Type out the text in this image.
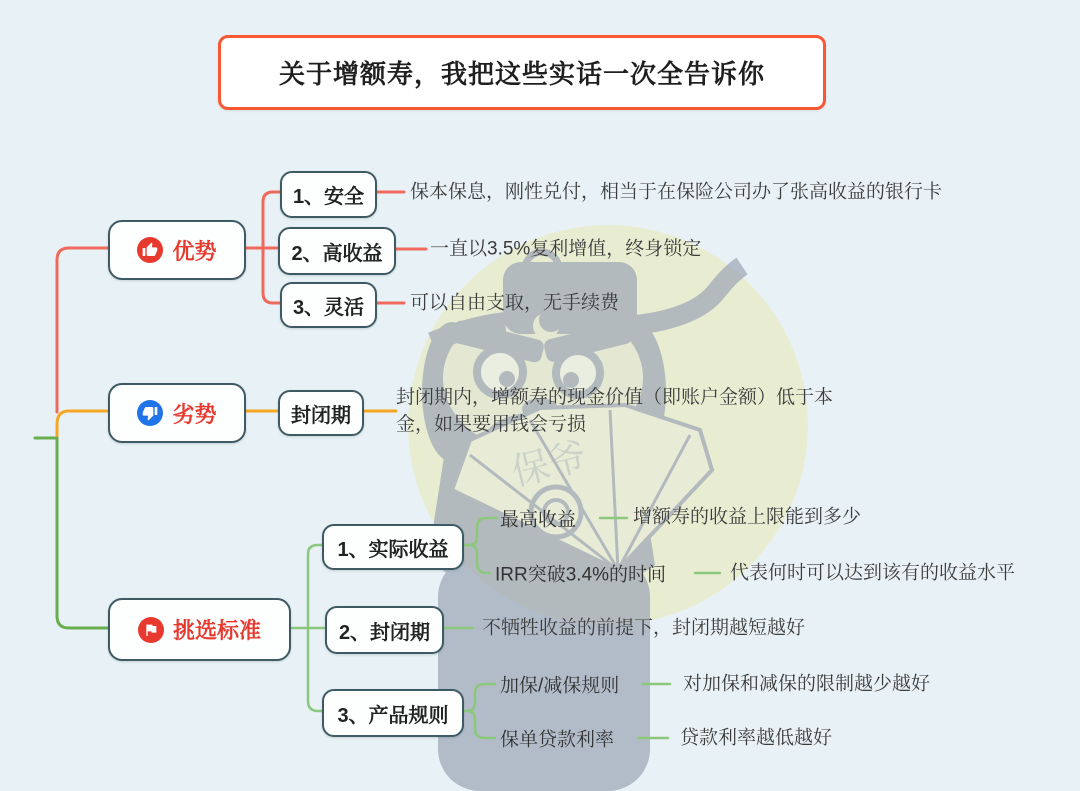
保爷
关于增额寿，我把这些实话一次全告诉你
优势
1、安全
2、高收益
3、灵活
保本保息，刚性兑付，相当于在保险公司办了张高收益的银行卡
一直以3.5%复利增值，终身锁定
可以自由支取，无手续费
劣势	封闭期
封闭期内，增额寿的现金价值（即账户金额）低于本金，如果要用钱会亏损
挑选标准
1、实际收益
最高收益	增额寿的收益上限能到多少
IRR突破3.4%的时间	代表何时可以达到该有的收益水平
2、封闭期	不牺牲收益的前提下，封闭期越短越好
3、产品规则
加保/减保规则	对加保和减保的限制越少越好
保单贷款利率	贷款利率越低越好
